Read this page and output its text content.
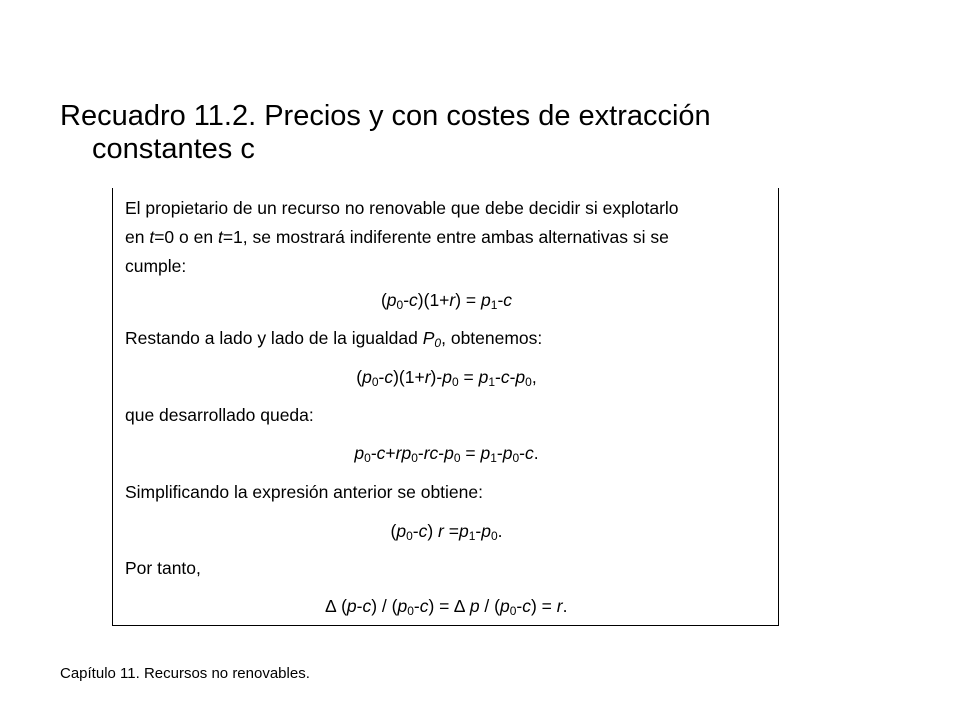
Recuadro 11.2. Precios y con costes de extracción
constantes c
El propietario de un recurso no renovable que debe decidir si explotarlo
en t=0 o en t=1, se mostrará indiferente entre ambas alternativas si se
cumple:
$(p_0-c)(1+r) = p_1-c$
Restando a lado y lado de la igualdad $P_0$, obtenemos:
$(p_0-c)(1+r)-p_0 = p_1-c-p_0$,
que desarrollado queda:
$p_0-c+rp_0-rc-p_0 = p_1-p_0-c$.
Simplificando la expresión anterior se obtiene:
$(p_0-c)$ $r =p_1-p_0$.
Por tanto,
∆ $(p-c) / (p_0-c)$ = ∆ $p / (p_0-c) = r$.
Capítulo 11. Recursos no renovables.
